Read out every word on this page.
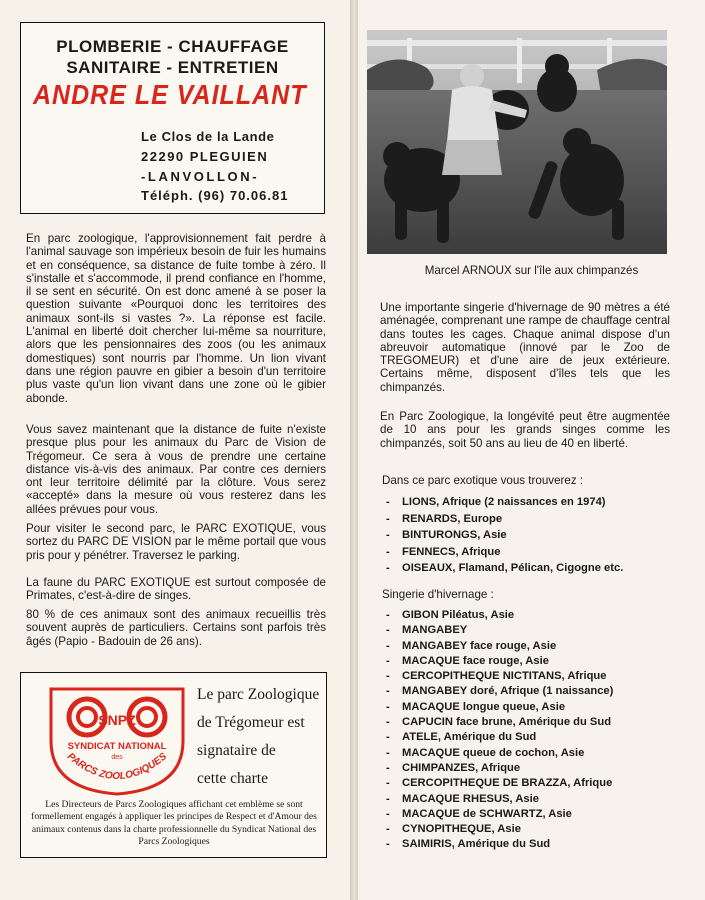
PLOMBERIE - CHAUFFAGE
SANITAIRE - ENTRETIEN
ANDRE LE VAILLANT
Le Clos de la Lande
22290 PLEGUIEN
-LANVOLLON-
Téléph. (96) 70.06.81
En parc zoologique, l'approvisionnement fait perdre à l'animal sauvage son impérieux besoin de fuir les humains et en conséquence, sa distance de fuite tombe à zéro. Il s'installe et s'accommode, il prend confiance en l'homme, il se sent en sécurité. On est donc amené à se poser la question suivante «Pourquoi donc les territoires des animaux sont-ils si vastes ?». La réponse est facile. L'animal en liberté doit chercher lui-même sa nourriture, alors que les pensionnaires des zoos (ou les animaux domestiques) sont nourris par l'homme. Un lion vivant dans une région pauvre en gibier a besoin d'un territoire plus vaste qu'un lion vivant dans une zone où le gibier abonde.
Vous savez maintenant que la distance de fuite n'existe presque plus pour les animaux du Parc de Vision de Trégomeur. Ce sera à vous de prendre une certaine distance vis-à-vis des animaux. Par contre ces derniers ont leur territoire délimité par la clôture. Vous serez «accepté» dans la mesure où vous resterez dans les allées prévues pour vous.
Pour visiter le second parc, le PARC EXOTIQUE, vous sortez du PARC DE VISION par le même portail que vous pris pour y pénétrer. Traversez le parking.
La faune du PARC EXOTIQUE est surtout composée de Primates, c'est-à-dire de singes.
80 % de ces animaux sont des animaux recueillis très souvent auprès de particuliers. Certains sont parfois très âgés (Papio - Badouin de 26 ans).
SNPZ
SYNDICAT NATIONAL
des
PARCS ZOOLOGIQUES
Le parc Zoologique
de Trégomeur est
signataire de
cette charte
Les Directeurs de Parcs Zoologiques affichant cet emblème se sont formellement engagés à appliquer les principes de Respect et d'Amour des animaux contenus dans la charte professionnelle du Syndicat National des Parcs Zoologiques
Marcel ARNOUX sur l'île aux chimpanzés
Une importante singerie d'hivernage de 90 mètres a été aménagée, comprenant une rampe de chauffage central dans toutes les cages. Chaque animal dispose d'un abreuvoir automatique (innové par le Zoo de TREGOMEUR) et d'une aire de jeux extérieure. Certains même, disposent d'îles tels que les chimpanzés.
En Parc Zoologique, la longévité peut être augmentée de 10 ans pour les grands singes comme les chimpanzés, soit 50 ans au lieu de 40 en liberté.
Dans ce parc exotique vous trouverez :
- LIONS, Afrique (2 naissances en 1974)
- RENARDS, Europe
- BINTURONGS, Asie
- FENNECS, Afrique
- OISEAUX, Flamand, Pélican, Cigogne etc.
Singerie d'hivernage :
- GIBON Piléatus, Asie
- MANGABEY
- MANGABEY face rouge, Asie
- MACAQUE face rouge, Asie
- CERCOPITHEQUE NICTITANS, Afrique
- MANGABEY doré, Afrique (1 naissance)
- MACAQUE longue queue, Asie
- CAPUCIN face brune, Amérique du Sud
- ATELE, Amérique du Sud
- MACAQUE queue de cochon, Asie
- CHIMPANZES, Afrique
- CERCOPITHEQUE DE BRAZZA, Afrique
- MACAQUE RHESUS, Asie
- MACAQUE de SCHWARTZ, Asie
- CYNOPITHEQUE, Asie
- SAIMIRIS, Amérique du Sud
